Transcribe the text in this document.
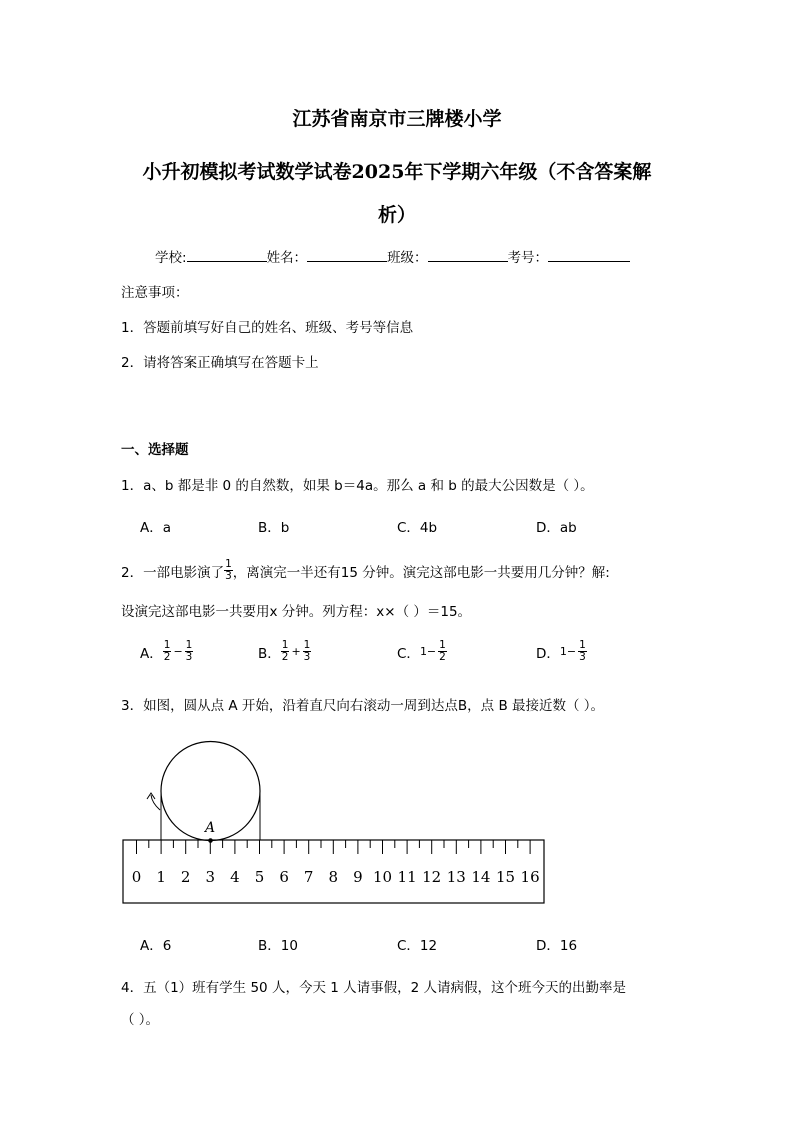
江苏省南京市三牌楼小学
小升初模拟考试数学试卷2025年下学期六年级（不含答案解
析）
学校:	姓名：	班级：	考号：
注意事项：
1．答题前填写好自己的姓名、班级、考号等信息
2．请将答案正确填写在答题卡上
一、选择题
1．a、b 都是非 0 的自然数，如果 b＝4a。那么 a 和 b 的最大公因数是（ ）。
A．a	B．b	C．4b	D．ab
2．一部电影演了 $\frac{1}{3}$ ，离演完一半还有15 分钟。演完这部电影一共要用几分钟？解:
设演完这部电影一共要用x 分钟。列方程：x×（ ）＝15。
A． $\frac{1}{2} - \frac{1}{3}$	B． $\frac{1}{2} + \frac{1}{3}$	C． $1- \frac{1}{2}$	D． $1- \frac{1}{3}$
3．如图，圆从点 A 开始，沿着直尺向右滚动一周到达点B，点 B 最接近数（ ）。
A
0 1 2 3 4 5 6 7 8 9 10 11 12 13 14 15 16
A．6	B．10	C．12	D．16
4．五（1）班有学生 50 人，今天 1 人请事假，2 人请病假，这个班今天的出勤率是
（ ）。
